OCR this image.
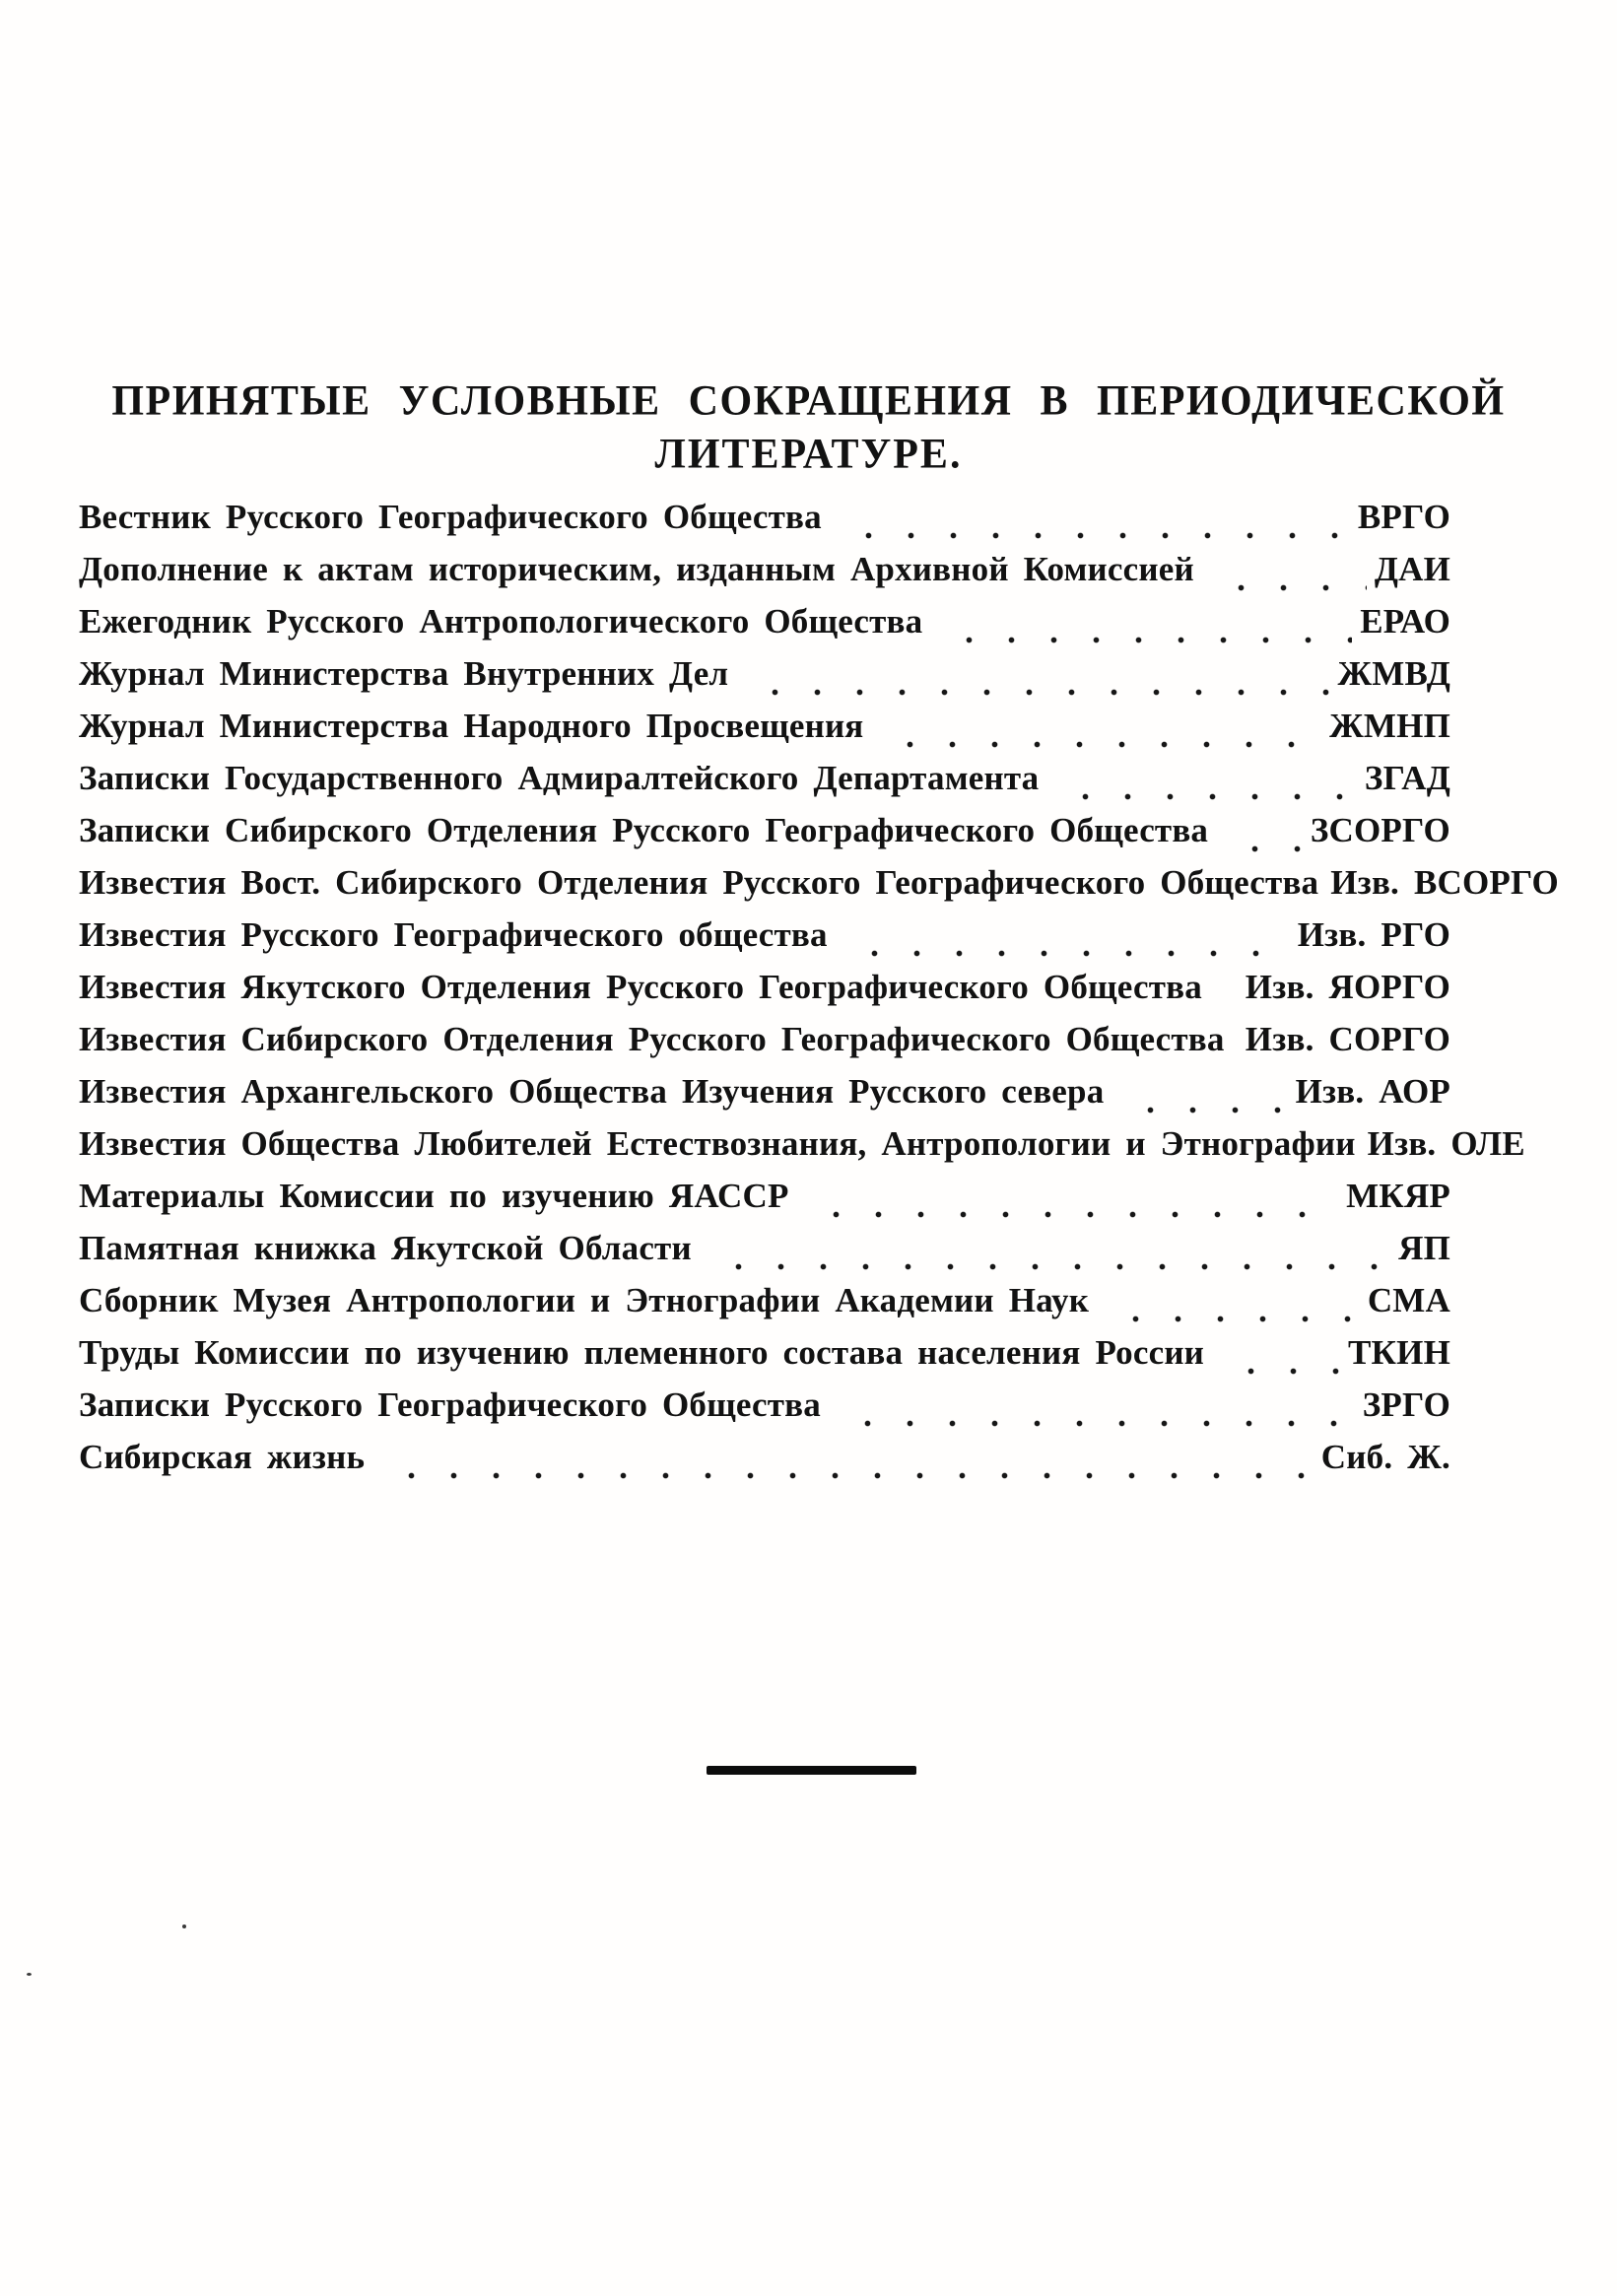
ПРИНЯТЫЕ УСЛОВНЫЕ СОКРАЩЕНИЯ В ПЕРИОДИЧЕСКОЙ
ЛИТЕРАТУРЕ.
Вестник Русского Географического Общества	ВРГО
Дополнение к актам историческим, изданным Архивной Комиссией	ДАИ
Ежегодник Русского Антропологического Общества	ЕРАО
Журнал Министерства Внутренних Дел	ЖМВД
Журнал Министерства Народного Просвещения	ЖМНП
Записки Государственного Адмиралтейского Департамента	ЗГАД
Записки Сибирского Отделения Русского Географического Общества	ЗСОРГО
Известия Вост. Сибирского Отделения Русского Географического Общества Изв. ВСОРГО
Известия Русского Географического общества	Изв. РГО
Известия Якутского Отделения Русского Географического Общества Изв. ЯОРГО
Известия Сибирского Отделения Русского Географического Общества Изв. СОРГО
Известия Архангельского Общества Изучения Русского севера	Изв. АОР
Известия Общества Любителей Естествознания, Антропологии и Этнографии Изв. ОЛЕ
Материалы Комиссии по изучению ЯАССР	МКЯР
Памятная книжка Якутской Области	ЯП
Сборник Музея Антропологии и Этнографии Академии Наук	СМА
Труды Комиссии по изучению племенного состава населения России	ТКИН
Записки Русского Географического Общества	ЗРГО
Сибирская жизнь	Сиб. Ж.
